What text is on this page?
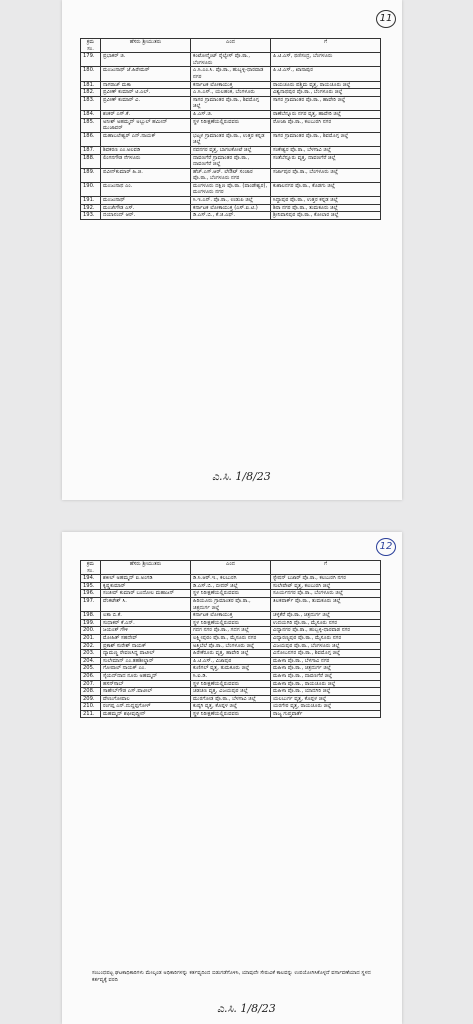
11
ಕ್ರಮ ಸಂ.	ಹೆಸರು ಶ್ರೀಯುತರು	ಎಂದ	ಗೆ
179.	ಪ್ರಭಾಕರ್ ಜಿ.	ಕಂಟೋನ್ಮೆಂಟ್ ರೈಲ್ವೇಸ್ ಪೊ.ಠಾ., ಬೆಂಗಳೂರು	ಪಿ.ಟಿ.ಎಸ್, ಥಣಿಸಂದ್ರ, ಬೆಂಗಳೂರು
180.	ಮಂಜುನಾಥ್ ಜೆ.ಹಿರೇಮಠ್	ಎ.ಸಿ.ಎಂ.ಸಿ. ಪೊ.ಠಾ., ಹುಬ್ಬಳ್ಳಿ-ಧಾರವಾಡ ನಗರ	ಪಿ.ಟಿ.ಎಸ್., ಖಾನಾಪುರ
181.	ನಾಗರಾಜ್ ಮಕಾ	ಕರ್ನಾಟಕ ಲೋಕಾಯುಕ್ತ	ರಾಯಚೂರು ಪಶ್ಚಿಮ ವೃತ್ತ, ರಾಯಚೂರು ಜಿಲ್ಲೆ
182.	ಪ್ರವೀಣ್ ಕುಮಾರ್ ಟಿ.ಎಲ್.	ಎ.ಸಿ.ಎಸ್., ಯಲಹಂಕ, ಬೆಂಗಳೂರು	ವಿಶ್ವನಾಥಪುರ ಪೊ.ಠಾ., ಬೆಂಗಳೂರು ಜಿಲ್ಲೆ
183.	ಪ್ರವೀಣ್ ಕುಮಾರ್ ವಿ.	ಸಾಗರ ಗ್ರಾಮಾಂತರ ಪೊ.ಠಾ., ಶಿವಮೊಗ್ಗ ಜಿಲ್ಲೆ	ಸಾಗರ ಗ್ರಾಮಾಂತರ ಪೊ.ಠಾ., ಹಾವೇರಿ ಜಿಲ್ಲೆ
184.	ಶಂಕರ್ ಎಸ್.ಕೆ.	ಪಿ.ಎಸ್.ಜಿ.	ರಾಣೆಬೆನ್ನೂರು ನಗರ ವೃತ್ತ, ಹಾವೇರಿ ಜಿಲ್ಲೆ
185.	ಅನೀಶ್ ಅಹಮ್ಮದ್ ಅಬ್ಬುಲ್ ಹಮೀದ್ ಮುಜಾವರ್	ಸ್ಥಳ ನಿರೀಕ್ಷಣೆಯಲ್ಲಿರುವವರು	ರೋಜಾ ಪೊ.ಠಾ., ಕಲಬುರಗಿ ನಗರ
186.	ಮಹಾಬಲೇಶ್ವರ್ ಎನ್.ನಾಯಕ್	ಭಟ್ಕಳ ಗ್ರಾಮಾಂತರ ಪೊ.ಠಾ., ಉತ್ತರ ಕನ್ನಡ ಜಿಲ್ಲೆ	ಸಾಗರ ಗ್ರಾಮಾಂತರ ಪೊ.ಠಾ., ಶಿವಮೊಗ್ಗ ಜಿಲ್ಲೆ
187.	ಶಿವಕರಣ ಎಂ.ಅಲವಡಿ	ನವನಗರ ವೃತ್ತ, ಬಾಗಲಕೋಟೆ ಜಿಲ್ಲೆ	ಸಂಕೇಶ್ವರ ಪೊ.ಠಾ., ಬೆಳಗಾವಿ ಜಿಲ್ಲೆ
188.	ಲಿಂಗನಗೌಡ ನೆಗಳೂರು	ದಾವಣಗೆರೆ ಗ್ರಾಮಾಂತರ ಪೊ.ಠಾ., ದಾವಣಗೆರೆ ಜಿಲ್ಲೆ	ಸಂತೆಬೆನ್ನೂರು ವೃತ್ತ, ದಾವಣಗೆರೆ ಜಿಲ್ಲೆ
189.	ಪವೀನ್‌ಕುಮಾರ್ ಹಿ.ಜಿ.	ಹೆಚ್.ಎಸ್.ಆರ್. ಲೇಔಟ್ ಸಂಚಾರ ಪೊ.ಠಾ., ಬೆಂಗಳೂರು ನಗರ	ಸರ್ಜಾಪುರ ಪೊ.ಠಾ., ಬೆಂಗಳೂರು ಜಿಲ್ಲೆ
190.	ಮಂಜುನಾಥ ಎಂ.	ಮಂಗಳೂರು ದಕ್ಷಿಣ ಪೊ.ಠಾ. (ಪಾಂಡೇಶ್ವರ), ಮಂಗಳೂರು ನಗರ	ಕುಶಾಲನಗರ ಪೊ.ಠಾ., ಕೊಡಗು ಜಿಲ್ಲೆ
191.	ಮಂಜುನಾಥ್	ಸಿ.ಇ.ಎನ್. ಪೊ.ಠಾ., ಉಡುಪಿ ಜಿಲ್ಲೆ	ಸಿದ್ದಾಪುರ ಪೊ.ಠಾ., ಉತ್ತರ ಕನ್ನಡ ಜಿಲ್ಲೆ
192.	ಮಂಜೇಗೌಡ ಎಸ್.	ಕರ್ನಾಟಕ ಲೋಕಾಯುಕ್ತ (ಎಸ್.ಐ.ಟಿ.)	ಶಿರಾ ನಗರ ಪೊ.ಠಾ., ತುಮಕೂರು ಜಿಲ್ಲೆ
193.	ದಯಾನಂದ್ ಆರ್.	ಡಿ.ಎಸ್.ಬಿ., ಕೆ.ಜಿ.ಎಫ್.	ಶ್ರೀನಿವಾಸಪುರ ಪೊ.ಠಾ., ಕೋಲಾರ ಜಿಲ್ಲೆ
ಎ.ಸಿ. 1/8/23
12
ಕ್ರಮ ಸಂ.	ಹೆಸರು ಶ್ರೀಯುತರು	ಎಂದ	ಗೆ
194.	ಶಕೀಲ್ ಅಹಮ್ಮದ್ ಐ.ಅಂಗಡಿ	ಡಿ.ಸಿ.ಆರ್.ಇ., ಕಲಬುರಗಿ	ಸ್ಟೇಷನ್ ಬಜಾರ್ ಪೊ.ಠಾ., ಕಲಬುರಗಿ ನಗರ
195.	ಕೃಷ್ಣಕುಮಾರ್	ಡಿ.ಎಸ್.ಬಿ., ಬೀದರ್ ಜಿಲ್ಲೆ	ಸುಲೇಪೇಟ್ ವೃತ್ತ, ಕಲಬುರಗಿ ಜಿಲ್ಲೆ
196.	ಸಂಜೀವ್ ಕುಮಾರ್ ಬಂದೋಲ ಮಹಾಜನ್	ಸ್ಥಳ ನಿರೀಕ್ಷಣೆಯಲ್ಲಿರುವವರು	ಸೂರ್ಯನಗರ ಪೊ.ಠಾ., ಬೆಂಗಳೂರು ಜಿಲ್ಲೆ
197.	ವೆಂಕಟೇಶ್ ಸಿ.	ಹಿರಿಯೂರು ಗ್ರಾಮಾಂತರ ಪೊ.ಠಾ., ಚಿತ್ರದುರ್ಗ ಜಿಲ್ಲೆ	ತಿಲಕಪಾರ್ಕ್ ಪೊ.ಠಾ., ತುಮಕೂರು ಜಿಲ್ಲೆ
198.	ಲತಾ ಬಿ.ಕೆ.	ಕರ್ನಾಟಕ ಲೋಕಾಯುಕ್ತ	ಚಳ್ಳಕೆರೆ ಪೊ.ಠಾ., ಚಿತ್ರದುರ್ಗ ಜಿಲ್ಲೆ
199.	ಸುಧಾಕರ್ ಕೆ.ಎನ್.	ಸ್ಥಳ ನಿರೀಕ್ಷಣೆಯಲ್ಲಿರುವವರು	ಉದಯಗಿರಿ ಪೊ.ಠಾ., ಮೈಸೂರು ನಗರ
200.	ಜಯಂತ್ ಗೌಳಿ	ಗದಗ ನಗರ ಪೊ.ಠಾ., ಗದಗ ಜಿಲ್ಲೆ	ವಿದ್ಯಾನಗರ ಪೊ.ಠಾ., ಹುಬ್ಬಳ್ಳಿ-ಧಾರವಾಡ ನಗರ
201.	ಮೋಹಿತ್ ಸಹದೇವ್	ಲಕ್ಷ್ಮೀಪುರಂ ಪೊ.ಠಾ., ಮೈಸೂರು ನಗರ	ವಿದ್ಯಾರಣ್ಯಪುರ ಪೊ.ಠಾ., ಮೈಸೂರು ನಗರ
202.	ಪ್ರಕಾಶ್ ಸುರೇಶ್ ನಾಯಕ್	ಅತ್ತಿಬೆಲೆ ಪೊ.ಠಾ., ಬೆಂಗಳೂರು ಜಿಲ್ಲೆ	ವಿಜಯಪುರ ಪೊ.ಠಾ., ಬೆಂಗಳೂರು ಜಿಲ್ಲೆ
203.	ದ್ಯಾಮಣ್ಣ ರೇವಣಸಿದ್ದ ಪಾಟೀಲ್	ಹಿರೇಕೆರೂರು ವೃತ್ತ, ಹಾವೇರಿ ಜಿಲ್ಲೆ	ವಿನೋಬನಗರ ಪೊ.ಠಾ., ಶಿವಮೊಗ್ಗ ಜಿಲ್ಲೆ
204.	ಸುಲೇಮಾನ್ ಎಂ.ತಹಶೀಲ್ದಾರ್	ಪಿ.ಟಿ.ಎಸ್., ವಿಜಾಪುರ	ಮಹಿಳಾ ಪೊ.ಠಾ., ಬೆಳಗಾವಿ ನಗರ
205.	ಗೋಪಾಲ್ ನಾಯಕ್ ಎಂ.	ಕುಣಿಗಲ್ ವೃತ್ತ, ತುಮಕೂರು ಜಿಲ್ಲೆ	ಮಹಿಳಾ ಪೊ.ಠಾ., ಚಿತ್ರದುರ್ಗ ಜಿಲ್ಲೆ
206.	ಸೈಯದ್‌ದಾದ ನೂರು ಅಹಮ್ಮದ್	ಸಿ.ಐ.ಡಿ.	ಮಹಿಳಾ ಪೊ.ಠಾ., ದಾವಣಗೆರೆ ಜಿಲ್ಲೆ
207.	ಹಸನ್‌ಸಾಬ್	ಸ್ಥಳ ನಿರೀಕ್ಷಣೆಯಲ್ಲಿರುವವರು	ಮಹಿಳಾ ಪೊ.ಠಾ., ರಾಯಚೂರು ಜಿಲ್ಲೆ
208.	ಸಾಹೇಬ್‌ಗೌಡ ಎಸ್.ಪಾಟೀಲ್	ಚಡಚಣ ವೃತ್ತ, ವಿಜಯಪುರ ಜಿಲ್ಲೆ	ಮಹಿಳಾ ಪೊ.ಠಾ., ಯಾದಗಿರಿ ಜಿಲ್ಲೆ
209.	ವೇಣುಗೋಪಾಲ	ಮುರಗೋಡ ಪೊ.ಠಾ., ಬೆಳಗಾವಿ ಜಿಲ್ಲೆ	ಯಲಬುರ್ಗ ವೃತ್ತ, ಕೊಪ್ಪಳ ಜಿಲ್ಲೆ
210.	ರಂಗಪ್ಪ ಎನ್.ದುದ್ದಪ್ಪಗೋಳ್	ಕುಷ್ಠಗಿ ವೃತ್ತ, ಕೊಪ್ಪಳ ಜಿಲ್ಲೆ	ಯರಗೇರ ವೃತ್ತ, ರಾಯಚೂರು ಜಿಲ್ಲೆ
211.	ಮಹಮ್ಮದ್ ಶಫೀವುದ್ದೀನ್	ಸ್ಥಳ ನಿರೀಕ್ಷಣೆಯಲ್ಲಿರುವವರು	ರಾಜ್ಯ ಗುಪ್ತವಾರ್ತೆ
ಸಂಬಂಧಪಟ್ಟ ಘಟಕಾಧಿಕಾರಿಗಳು ಮೇಲ್ಕಂಡ ಅಧಿಕಾರಿಗಳನ್ನು ಕರ್ತವ್ಯದಿಂದ ಬಿಡುಗಡೆಗೊಳಿಸಿ, ಯಾವುದೇ ಸೇರುವಿಕೆ ಕಾಲವನ್ನು ಉಪಯೋಗಿಸಿಕೊಳ್ಳದೆ ವರ್ಗಾವಣೆಯಾದ ಸ್ಥಳದ ಕರ್ತವ್ಯಕ್ಕೆ ವರದಿ
ಎ.ಸಿ. 1/8/23
